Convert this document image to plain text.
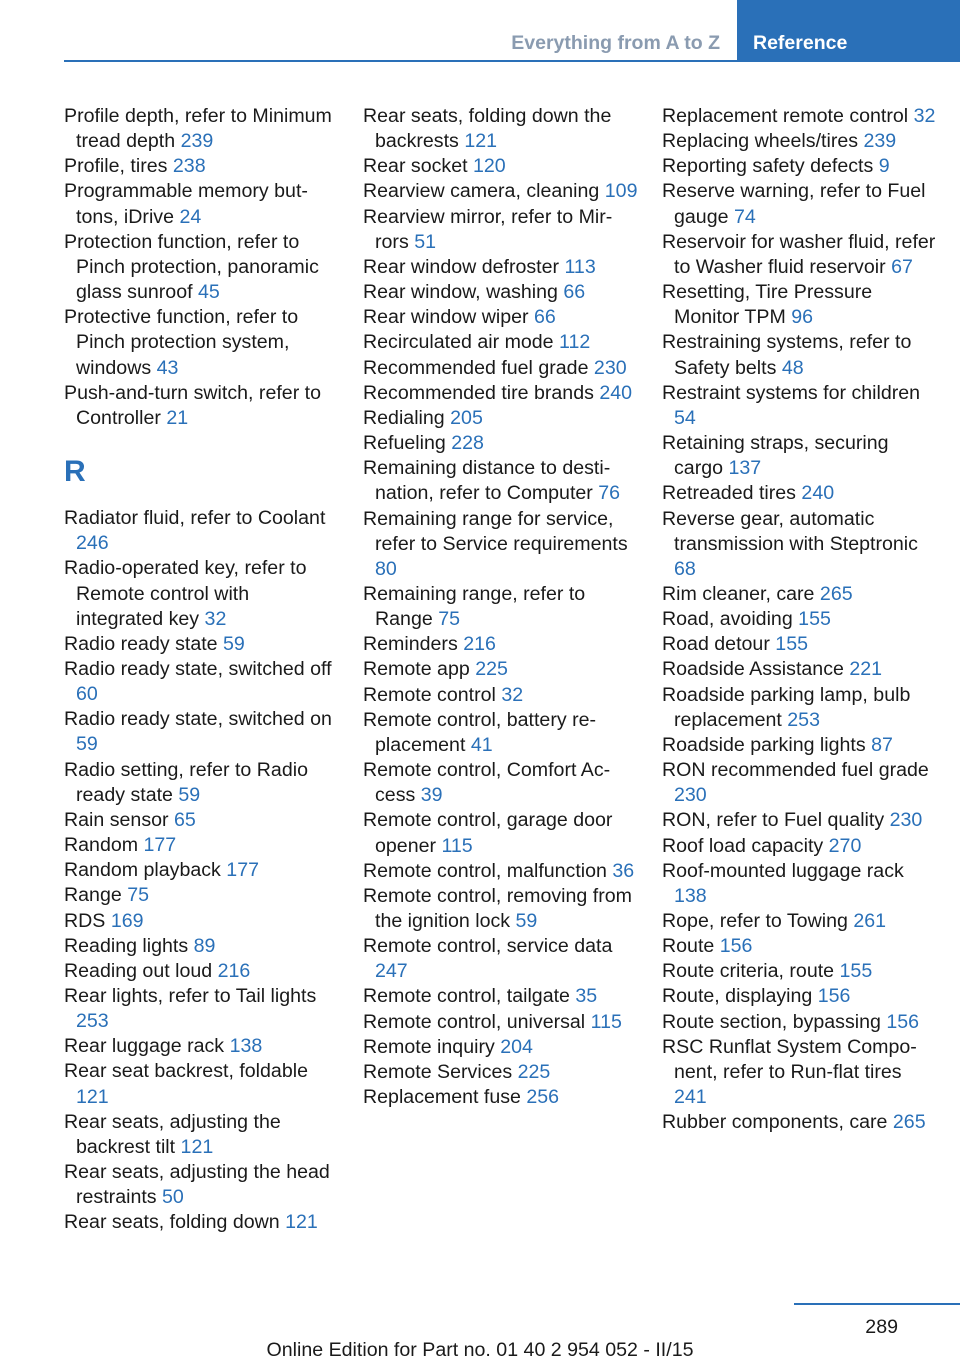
Everything from A to Z	Reference
Profile depth, refer to Minimum tread depth 239
Profile, tires 238
Programmable memory buttons, iDrive 24
Protection function, refer to Pinch protection, panoramic glass sunroof 45
Protective function, refer to Pinch protection system, windows 43
Push-and-turn switch, refer to Controller 21
R
Radiator fluid, refer to Coolant 246
Radio-operated key, refer to Remote control with integrated key 32
Radio ready state 59
Radio ready state, switched off 60
Radio ready state, switched on 59
Radio setting, refer to Radio ready state 59
Rain sensor 65
Random 177
Random playback 177
Range 75
RDS 169
Reading lights 89
Reading out loud 216
Rear lights, refer to Tail lights 253
Rear luggage rack 138
Rear seat backrest, foldable 121
Rear seats, adjusting the backrest tilt 121
Rear seats, adjusting the head restraints 50
Rear seats, folding down 121
Rear seats, folding down the backrests 121
Rear socket 120
Rearview camera, cleaning 109
Rearview mirror, refer to Mirrors 51
Rear window defroster 113
Rear window, washing 66
Rear window wiper 66
Recirculated air mode 112
Recommended fuel grade 230
Recommended tire brands 240
Redialing 205
Refueling 228
Remaining distance to destination, refer to Computer 76
Remaining range for service, refer to Service requirements 80
Remaining range, refer to Range 75
Reminders 216
Remote app 225
Remote control 32
Remote control, battery replacement 41
Remote control, Comfort Access 39
Remote control, garage door opener 115
Remote control, malfunction 36
Remote control, removing from the ignition lock 59
Remote control, service data 247
Remote control, tailgate 35
Remote control, universal 115
Remote inquiry 204
Remote Services 225
Replacement fuse 256
Replacement remote control 32
Replacing wheels/tires 239
Reporting safety defects 9
Reserve warning, refer to Fuel gauge 74
Reservoir for washer fluid, refer to Washer fluid reservoir 67
Resetting, Tire Pressure Monitor TPM 96
Restraining systems, refer to Safety belts 48
Restraint systems for children 54
Retaining straps, securing cargo 137
Retreaded tires 240
Reverse gear, automatic transmission with Steptronic 68
Rim cleaner, care 265
Road, avoiding 155
Road detour 155
Roadside Assistance 221
Roadside parking lamp, bulb replacement 253
Roadside parking lights 87
RON recommended fuel grade 230
RON, refer to Fuel quality 230
Roof load capacity 270
Roof-mounted luggage rack 138
Rope, refer to Towing 261
Route 156
Route criteria, route 155
Route, displaying 156
Route section, bypassing 156
RSC Runflat System Component, refer to Run-flat tires 241
Rubber components, care 265
289
Online Edition for Part no. 01 40 2 954 052 - II/15
